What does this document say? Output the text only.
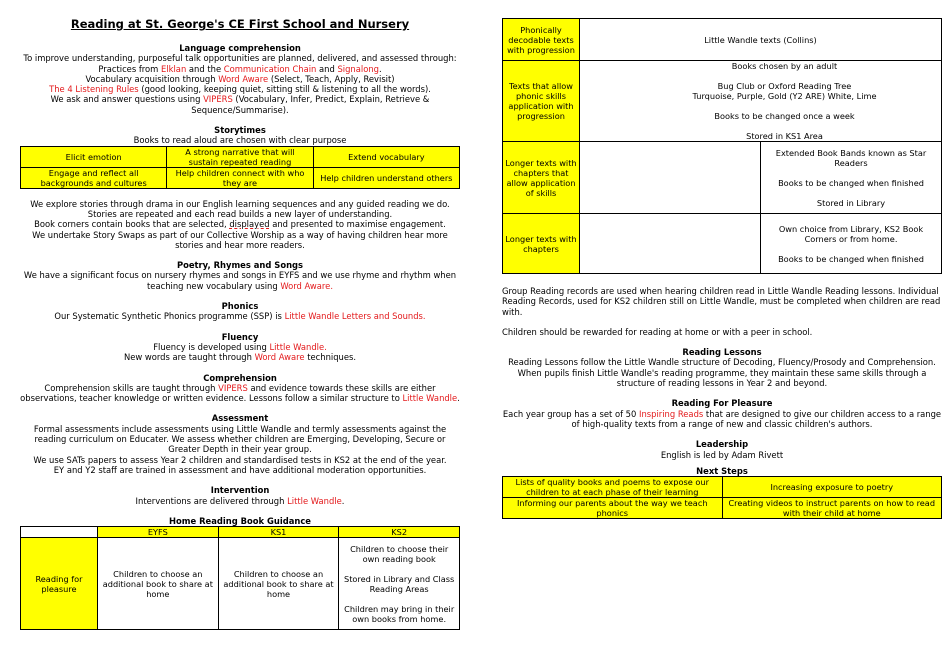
Reading at St. George's CE First School and Nursery

Language comprehension

To improve understanding, purposeful talk opportunities are planned, delivered, and assessed through:

Practices from Elklan and the Communication Chain and Signalong.

Vocabulary acquisition through Word Aware (Select, Teach, Apply, Revisit)

The 4 Listening Rules (good looking, keeping quiet, sitting still & listening to all the words).

We ask and answer questions using VIPERS (Vocabulary, Infer, Predict, Explain, Retrieve & Sequence/Summarise).

Storytimes

Books to read aloud are chosen with clear purpose

Elicit emotion	A strong narrative that will sustain repeated reading	Extend vocabulary
Engage and reflect all backgrounds and cultures	Help children connect with who they are	Help children understand others

We explore stories through drama in our English learning sequences and any guided reading we do.

Stories are repeated and each read builds a new layer of understanding.

Book corners contain books that are selected, displayed and presented to maximise engagement.

We undertake Story Swaps as part of our Collective Worship as a way of having children hear more stories and hear more readers.

Poetry, Rhymes and Songs

We have a significant focus on nursery rhymes and songs in EYFS and we use rhyme and rhythm when teaching new vocabulary using Word Aware.

Phonics

Our Systematic Synthetic Phonics programme (SSP) is Little Wandle Letters and Sounds.

Fluency

Fluency is developed using Little Wandle.

New words are taught through Word Aware techniques.

Comprehension

Comprehension skills are taught through VIPERS and evidence towards these skills are either observations, teacher knowledge or written evidence. Lessons follow a similar structure to Little Wandle.

Assessment

Formal assessments include assessments using Little Wandle and termly assessments against the reading curriculum on Educater. We assess whether children are Emerging, Developing, Secure or Greater Depth in their year group.

We use SATs papers to assess Year 2 children and standardised tests in KS2 at the end of the year.

EY and Y2 staff are trained in assessment and have additional moderation opportunities.

Intervention

Interventions are delivered through Little Wandle.

Home Reading Book Guidance

	EYFS	KS1	KS2
Reading for pleasure	Children to choose an additional book to share at home	Children to choose an additional book to share at home	Children to choose their own reading book
Stored in Library and Class Reading Areas
Children may bring in their own books from home.
Phonically decodable texts with progression	Little Wandle texts (Collins)	
Texts that allow phonic skills application with progression	Books chosen by an adult
Bug Club or Oxford Reading Tree
Turquoise, Purple, Gold (Y2 ARE) White, Lime
Books to be changed once a week
Stored in KS1 Area	

Longer texts with chapters that allow application of skills		Extended Book Bands known as Star Readers
Books to be changed when finished
Stored in Library

Longer texts with chapters		Own choice from Library, KS2 Book Corners or from home.
Books to be changed when finished

Group Reading records are used when hearing children read in Little Wandle Reading lessons. Individual Reading Records, used for KS2 children still on Little Wandle, must be completed when children are read with.

Children should be rewarded for reading at home or with a peer in school.

Reading Lessons

Reading Lessons follow the Little Wandle structure of Decoding, Fluency/Prosody and Comprehension. When pupils finish Little Wandle's reading programme, they maintain these same skills through a structure of reading lessons in Year 2 and beyond.

Reading For Pleasure

Each year group has a set of 50 Inspiring Reads that are designed to give our children access to a range of high-quality texts from a range of new and classic children's authors.

Leadership

English is led by Adam Rivett

Next Steps

Lists of quality books and poems to expose our children to at each phase of their learning	Increasing exposure to poetry
Informing our parents about the way we teach phonics	Creating videos to instruct parents on how to read with their child at home
